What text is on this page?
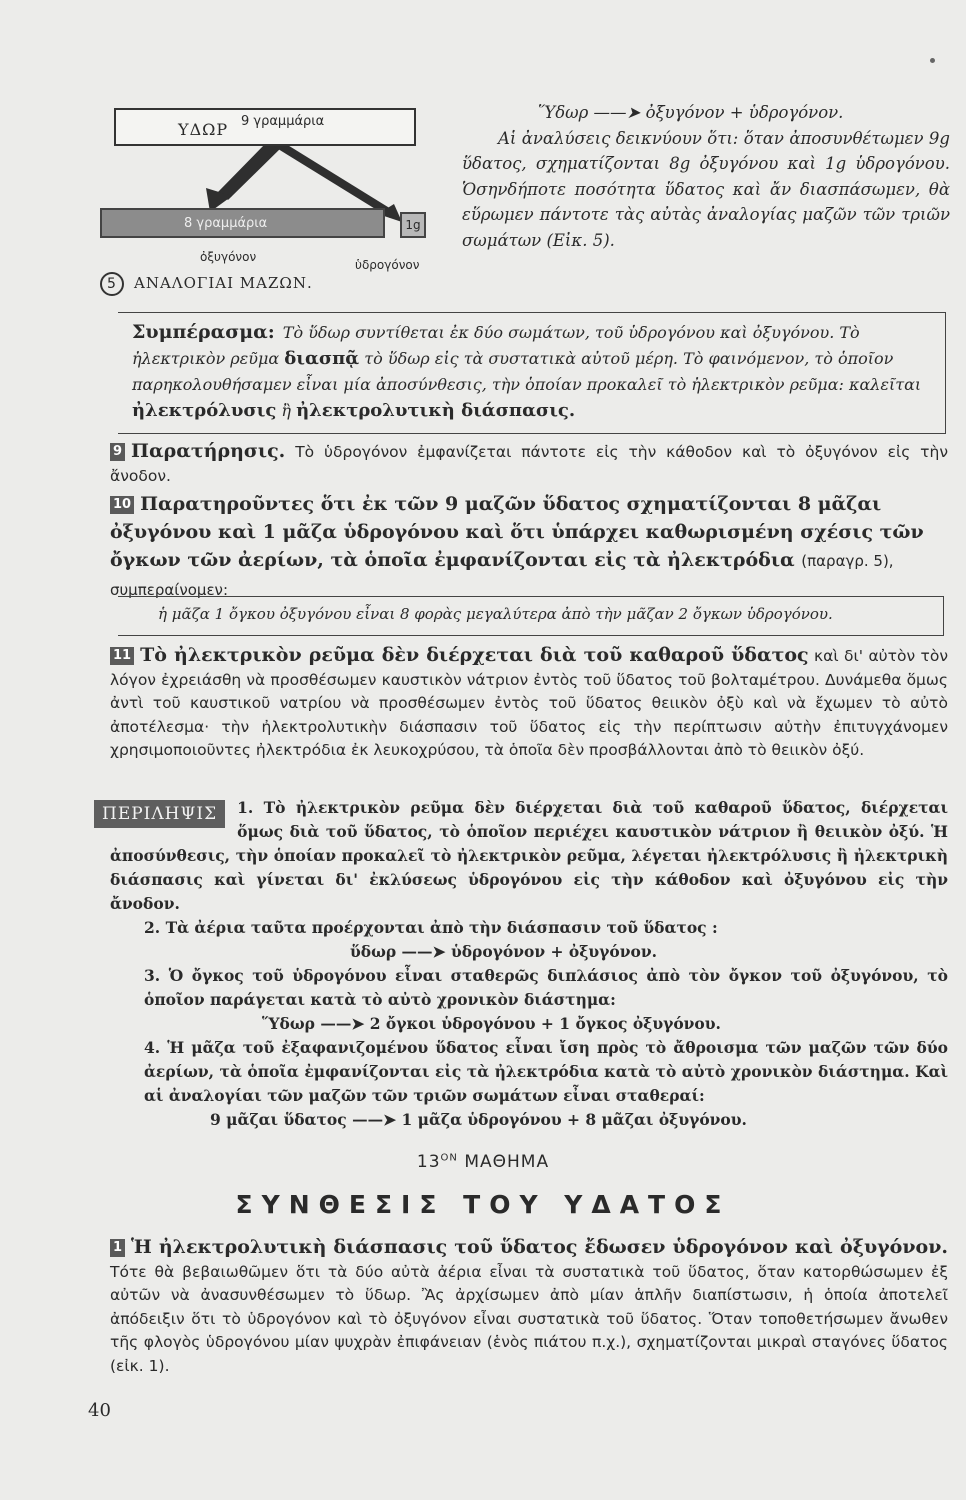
ΥΔΩΡ 9 γραμμάρια
8 γραμμάρια	1g
ὀξυγόνον
ὑδρογόνον
5 ΑΝΑΛΟΓΙΑΙ ΜΑΖΩΝ.

Ὕδωρ ——➤ ὀξυγόνον + ὑδρογόνον.

Αἱ ἀναλύσεις δεικνύουν ὅτι: ὅταν ἀποσυνθέτωμεν 9g ὕδατος, σχηματίζονται 8g ὀξυγόνου καὶ 1g ὑδρογόνου. Ὁσηνδήποτε ποσότητα ὕδατος καὶ ἄν διασπάσωμεν, θὰ εὕρωμεν πάντοτε τὰς αὐτὰς ἀναλογίας μαζῶν τῶν τριῶν σωμάτων (Εἰκ. 5).

Συμπέρασμα: Τὸ ὕδωρ συντίθεται ἐκ δύο σωμάτων, τοῦ ὑδρογόνου καὶ ὀξυγόνου. Τὸ ἠλεκτρικὸν ρεῦμα διασπᾷ τὸ ὕδωρ εἰς τὰ συστατικὰ αὐτοῦ μέρη. Τὸ φαινόμενον, τὸ ὁποῖον παρηκολουθήσαμεν εἶναι μία ἀποσύνθεσις, τὴν ὁποίαν προκαλεῖ τὸ ἠλεκτρικὸν ρεῦμα: καλεῖται ἠλεκτρόλυσις ἢ ἠλεκτρολυτικὴ διάσπασις.
9 Παρατήρησις. Τὸ ὑδρογόνον ἐμφανίζεται πάντοτε εἰς τὴν κάθοδον καὶ τὸ ὀξυγόνον εἰς τὴν ἄνοδον.
10 Παρατηροῦντες ὅτι ἐκ τῶν 9 μαζῶν ὕδατος σχηματίζονται 8 μᾶζαι ὀξυγόνου καὶ 1 μᾶζα ὑδρογόνου καὶ ὅτι ὑπάρχει καθωρισμένη σχέσις τῶν ὄγκων τῶν ἀερίων, τὰ ὁποῖα ἐμφανίζονται εἰς τὰ ἠλεκτρόδια (παραγρ. 5), συμπεραίνομεν:
ἡ μᾶζα 1 ὄγκου ὀξυγόνου εἶναι 8 φορὰς μεγαλύτερα ἀπὸ τὴν μᾶζαν 2 ὄγκων ὑδρογόνου.
11 Τὸ ἠλεκτρικὸν ρεῦμα δὲν διέρχεται διὰ τοῦ καθαροῦ ὕδατος καὶ δι' αὐτὸν τὸν λόγον ἐχρειάσθη νὰ προσθέσωμεν καυστικὸν νάτριον ἐντὸς τοῦ ὕδατος τοῦ βολταμέτρου. Δυνάμεθα ὅμως ἀντὶ τοῦ καυστικοῦ νατρίου νὰ προσθέσωμεν ἐντὸς τοῦ ὕδατος θειικὸν ὀξὺ καὶ νὰ ἔχωμεν τὸ αὐτὸ ἀποτέλεσμα· τὴν ἠλεκτρολυτικὴν διάσπασιν τοῦ ὕδατος εἰς τὴν περίπτωσιν αὐτὴν ἐπιτυγχάνομεν χρησιμοποιοῦντες ἠλεκτρόδια ἐκ λευκοχρύσου, τὰ ὁποῖα δὲν προσβάλλονται ἀπὸ τὸ θειικὸν ὀξύ.
ΠΕΡΙΛΗΨΙΣ	1. Τὸ ἠλεκτρικὸν ρεῦμα δὲν διέρχεται διὰ τοῦ καθαροῦ ὕδατος, διέρχεται ὅμως διὰ τοῦ ὕδατος, τὸ ὁποῖον περιέχει καυστικὸν νάτριον ἢ θειικὸν ὀξύ. Ἡ ἀποσύνθεσις, τὴν ὁποίαν προκαλεῖ τὸ ἠλεκτρικὸν ρεῦμα, λέγεται ἠλεκτρόλυσις ἢ ἠλεκτρικὴ διάσπασις καὶ γίνεται δι' ἐκλύσεως ὑδρογόνου εἰς τὴν κάθοδον καὶ ὀξυγόνου εἰς τὴν ἄνοδον.

2. Τὰ ἀέρια ταῦτα προέρχονται ἀπὸ τὴν διάσπασιν τοῦ ὕδατος :

ὕδωρ ——➤ ὑδρογόνον + ὀξυγόνον.

3. Ὁ ὄγκος τοῦ ὑδρογόνου εἶναι σταθερῶς διπλάσιος ἀπὸ τὸν ὄγκον τοῦ ὀξυγόνου, τὸ ὁποῖον παράγεται κατὰ τὸ αὐτὸ χρονικὸν διάστημα:

Ὕδωρ ——➤ 2 ὄγκοι ὑδρογόνου + 1 ὄγκος ὀξυγόνου.

4. Ἡ μᾶζα τοῦ ἐξαφανιζομένου ὕδατος εἶναι ἴση πρὸς τὸ ἄθροισμα τῶν μαζῶν τῶν δύο ἀερίων, τὰ ὁποῖα ἐμφανίζονται εἰς τὰ ἠλεκτρόδια κατὰ τὸ αὐτὸ χρονικὸν διάστημα. Καὶ αἱ ἀναλογίαι τῶν μαζῶν τῶν τριῶν σωμάτων εἶναι σταθεραί:

9 μᾶζαι ὕδατος ——➤ 1 μᾶζα ὑδρογόνου + 8 μᾶζαι ὀξυγόνου.

$13^{ON}$ ΜΑΘΗΜΑ
ΣΥΝΘΕΣΙΣ ΤΟΥ ΥΔΑΤΟΣ
1 Ἡ ἠλεκτρολυτικὴ διάσπασις τοῦ ὕδατος ἔδωσεν ὑδρογόνον καὶ ὀξυγόνον. Τότε θὰ βεβαιωθῶμεν ὅτι τὰ δύο αὐτὰ ἀέρια εἶναι τὰ συστατικὰ τοῦ ὕδατος, ὅταν κατορθώσωμεν ἐξ αὐτῶν νὰ ἀνασυνθέσωμεν τὸ ὕδωρ. Ἂς ἀρχίσωμεν ἀπὸ μίαν ἁπλῆν διαπίστωσιν, ἡ ὁποία ἀποτελεῖ ἀπόδειξιν ὅτι τὸ ὑδρογόνον καὶ τὸ ὀξυγόνον εἶναι συστατικὰ τοῦ ὕδατος. Ὅταν τοποθετήσωμεν ἄνωθεν τῆς φλογὸς ὑδρογόνου μίαν ψυχρὰν ἐπιφάνειαν (ἑνὸς πιάτου π.χ.), σχηματίζονται μικραὶ σταγόνες ὕδατος (εἰκ. 1).
40
